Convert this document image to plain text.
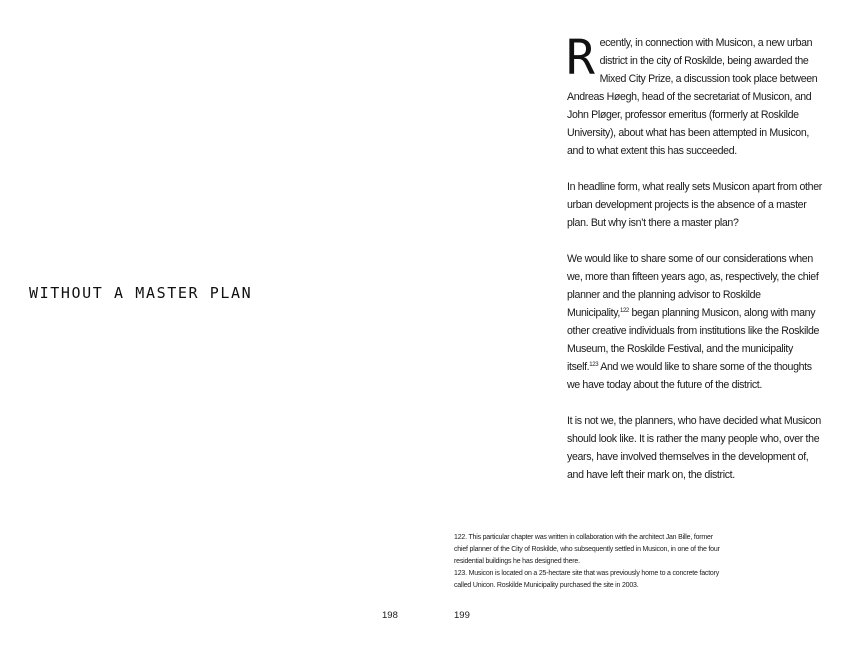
WITHOUT A MASTER PLAN

Recently, in connection with Musicon, a new urban district in the city of Roskilde, being awarded the Mixed City Prize, a discussion took place between Andreas Høegh, head of the secretariat of Musicon, and John Pløger, professor emeritus (formerly at Roskilde University), about what has been attempted in Musicon, and to what extent this has succeeded.

In headline form, what really sets Musicon apart from other urban development projects is the absence of a master plan. But why isn’t there a master plan?

We would like to share some of our considerations when we, more than fifteen years ago, as, respectively, the chief planner and the planning advisor to Roskilde Municipality,$^{122}$ began planning Musicon, along with many other creative individuals from institutions like the Roskilde Museum, the Roskilde Festival, and the municipality itself.$^{123}$ And we would like to share some of the thoughts we have today about the future of the district.

It is not we, the planners, who have decided what Musicon should look like. It is rather the many people who, over the years, have involved themselves in the development of, and have left their mark on, the district.

122. This particular chapter was written in collaboration with the architect Jan Bille, former chief planner of the City of Roskilde, who subsequently settled in Musicon, in one of the four residential buildings he has designed there.

123. Musicon is located on a 25-hectare site that was previously home to a concrete factory called Unicon. Roskilde Municipality purchased the site in 2003.

198	199
